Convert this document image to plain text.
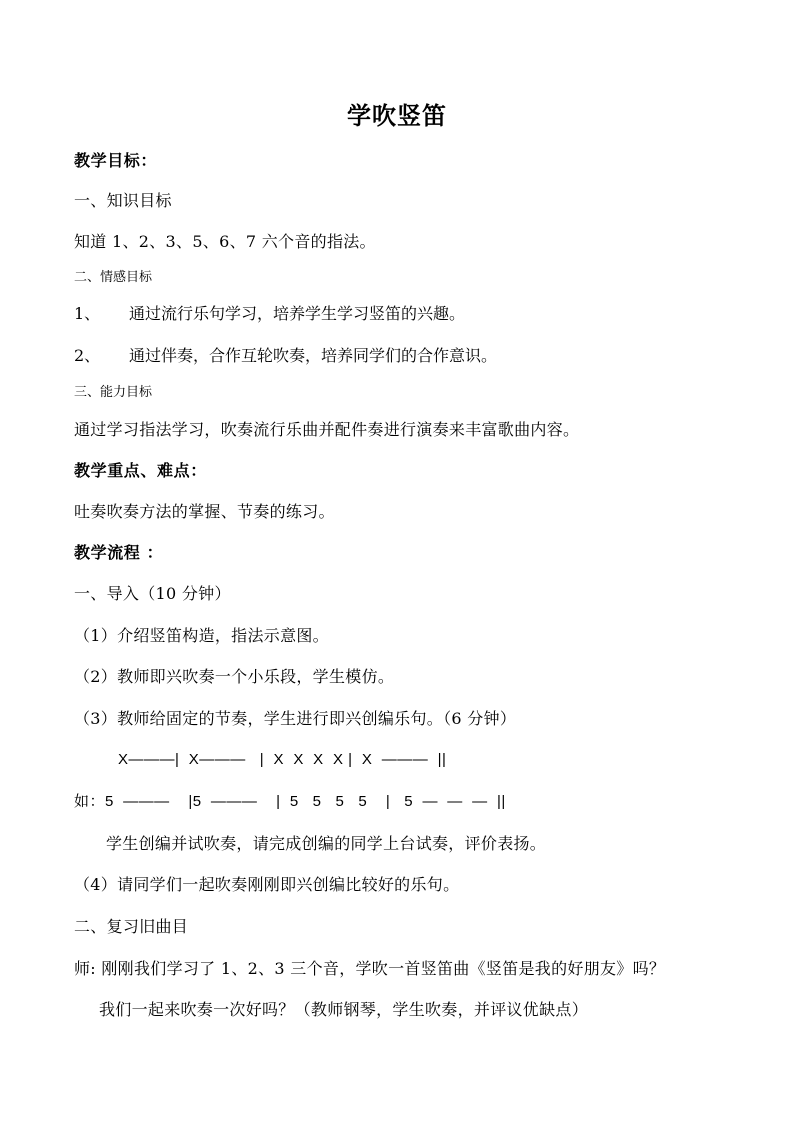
学吹竖笛
教学目标：
一、知识目标
知道 1、2、3、5、6、7 六个音的指法。
二、情感目标

1、

通过流行乐句学习，培养学生学习竖笛的兴趣。

2、

通过伴奏，合作互轮吹奏，培养同学们的合作意识。

三、能力目标
通过学习指法学习，吹奏流行乐曲并配件奏进行演奏来丰富歌曲内容。
教学重点、难点：
吐奏吹奏方法的掌握、节奏的练习。
教学流程 ：
一、导入（10 分钟）
（1）介绍竖笛构造，指法示意图。
（2）教师即兴吹奏一个小乐段，学生模仿。
（3）教师给固定的节奏，学生进行即兴创编乐句。（6 分钟）
X———|  X———   |  X  X  X  X |  X  ———  ||
如：5  ———    |5  ———    |  5   5   5   5    |   5  —  —  —  ||
学生创编并试吹奏，请完成创编的同学上台试奏，评价表扬。
（4）请同学们一起吹奏刚刚即兴创编比较好的乐句。
二、复习旧曲目
师: 刚刚我们学习了 1、2、3 三个音，学吹一首竖笛曲《竖笛是我的好朋友》吗？
我们一起来吹奏一次好吗？（教师钢琴，学生吹奏，并评议优缺点）
